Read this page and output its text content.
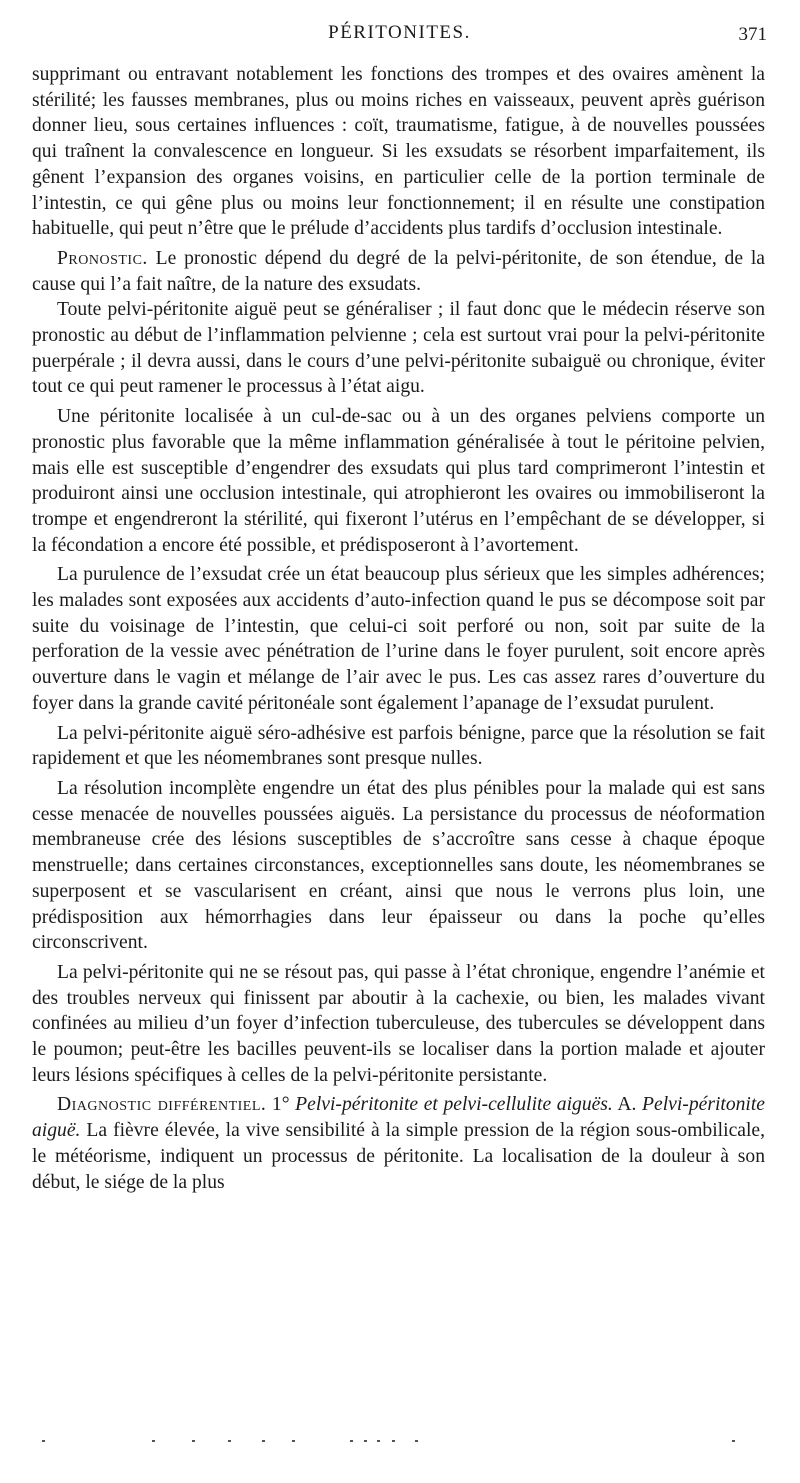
PÉRITONITES.	371

supprimant ou entravant notablement les fonctions des trompes et des ovaires amènent la stérilité; les fausses membranes, plus ou moins riches en vaisseaux, peuvent après guérison donner lieu, sous certaines influences : coït, traumatisme, fatigue, à de nouvelles poussées qui traînent la convalescence en longueur. Si les exsudats se résorbent imparfaitement, ils gênent l’expansion des organes voisins, en particulier celle de la portion terminale de l’intestin, ce qui gêne plus ou moins leur fonctionnement; il en résulte une constipation habituelle, qui peut n’être que le prélude d’accidents plus tardifs d’occlusion intestinale.

Pronostic. Le pronostic dépend du degré de la pelvi-péritonite, de son étendue, de la cause qui l’a fait naître, de la nature des exsudats.

Toute pelvi-péritonite aiguë peut se généraliser ; il faut donc que le médecin réserve son pronostic au début de l’inflammation pelvienne ; cela est surtout vrai pour la pelvi-péritonite puerpérale ; il devra aussi, dans le cours d’une pelvi-péritonite subaiguë ou chronique, éviter tout ce qui peut ramener le processus à l’état aigu.

Une péritonite localisée à un cul-de-sac ou à un des organes pelviens comporte un pronostic plus favorable que la même inflammation généralisée à tout le péritoine pelvien, mais elle est susceptible d’engendrer des exsudats qui plus tard comprimeront l’intestin et produiront ainsi une occlusion intestinale, qui atrophieront les ovaires ou immobiliseront la trompe et engendreront la stérilité, qui fixeront l’utérus en l’empêchant de se développer, si la fécondation a encore été possible, et prédisposeront à l’avortement.

La purulence de l’exsudat crée un état beaucoup plus sérieux que les simples adhérences; les malades sont exposées aux accidents d’auto-infection quand le pus se décompose soit par suite du voisinage de l’intestin, que celui-ci soit perforé ou non, soit par suite de la perforation de la vessie avec pénétration de l’urine dans le foyer purulent, soit encore après ouverture dans le vagin et mélange de l’air avec le pus. Les cas assez rares d’ouverture du foyer dans la grande cavité péritonéale sont également l’apanage de l’exsudat purulent.

La pelvi-péritonite aiguë séro-adhésive est parfois bénigne, parce que la résolution se fait rapidement et que les néomembranes sont presque nulles.

La résolution incomplète engendre un état des plus pénibles pour la malade qui est sans cesse menacée de nouvelles poussées aiguës. La persistance du processus de néoformation membraneuse crée des lésions susceptibles de s’accroître sans cesse à chaque époque menstruelle; dans certaines circonstances, exceptionnelles sans doute, les néomembranes se superposent et se vascularisent en créant, ainsi que nous le verrons plus loin, une prédisposition aux hémorrhagies dans leur épaisseur ou dans la poche qu’elles circonscrivent.

La pelvi-péritonite qui ne se résout pas, qui passe à l’état chronique, engendre l’anémie et des troubles nerveux qui finissent par aboutir à la cachexie, ou bien, les malades vivant confinées au milieu d’un foyer d’infection tuberculeuse, des tubercules se développent dans le poumon; peut-être les bacilles peuvent-ils se localiser dans la portion malade et ajouter leurs lésions spécifiques à celles de la pelvi-péritonite persistante.

Diagnostic différentiel. 1° Pelvi-péritonite et pelvi-cellulite aiguës. A. Pelvi-péritonite aiguë. La fièvre élevée, la vive sensibilité à la simple pression de la région sous-ombilicale, le météorisme, indiquent un processus de péritonite. La localisation de la douleur à son début, le siége de la plus
